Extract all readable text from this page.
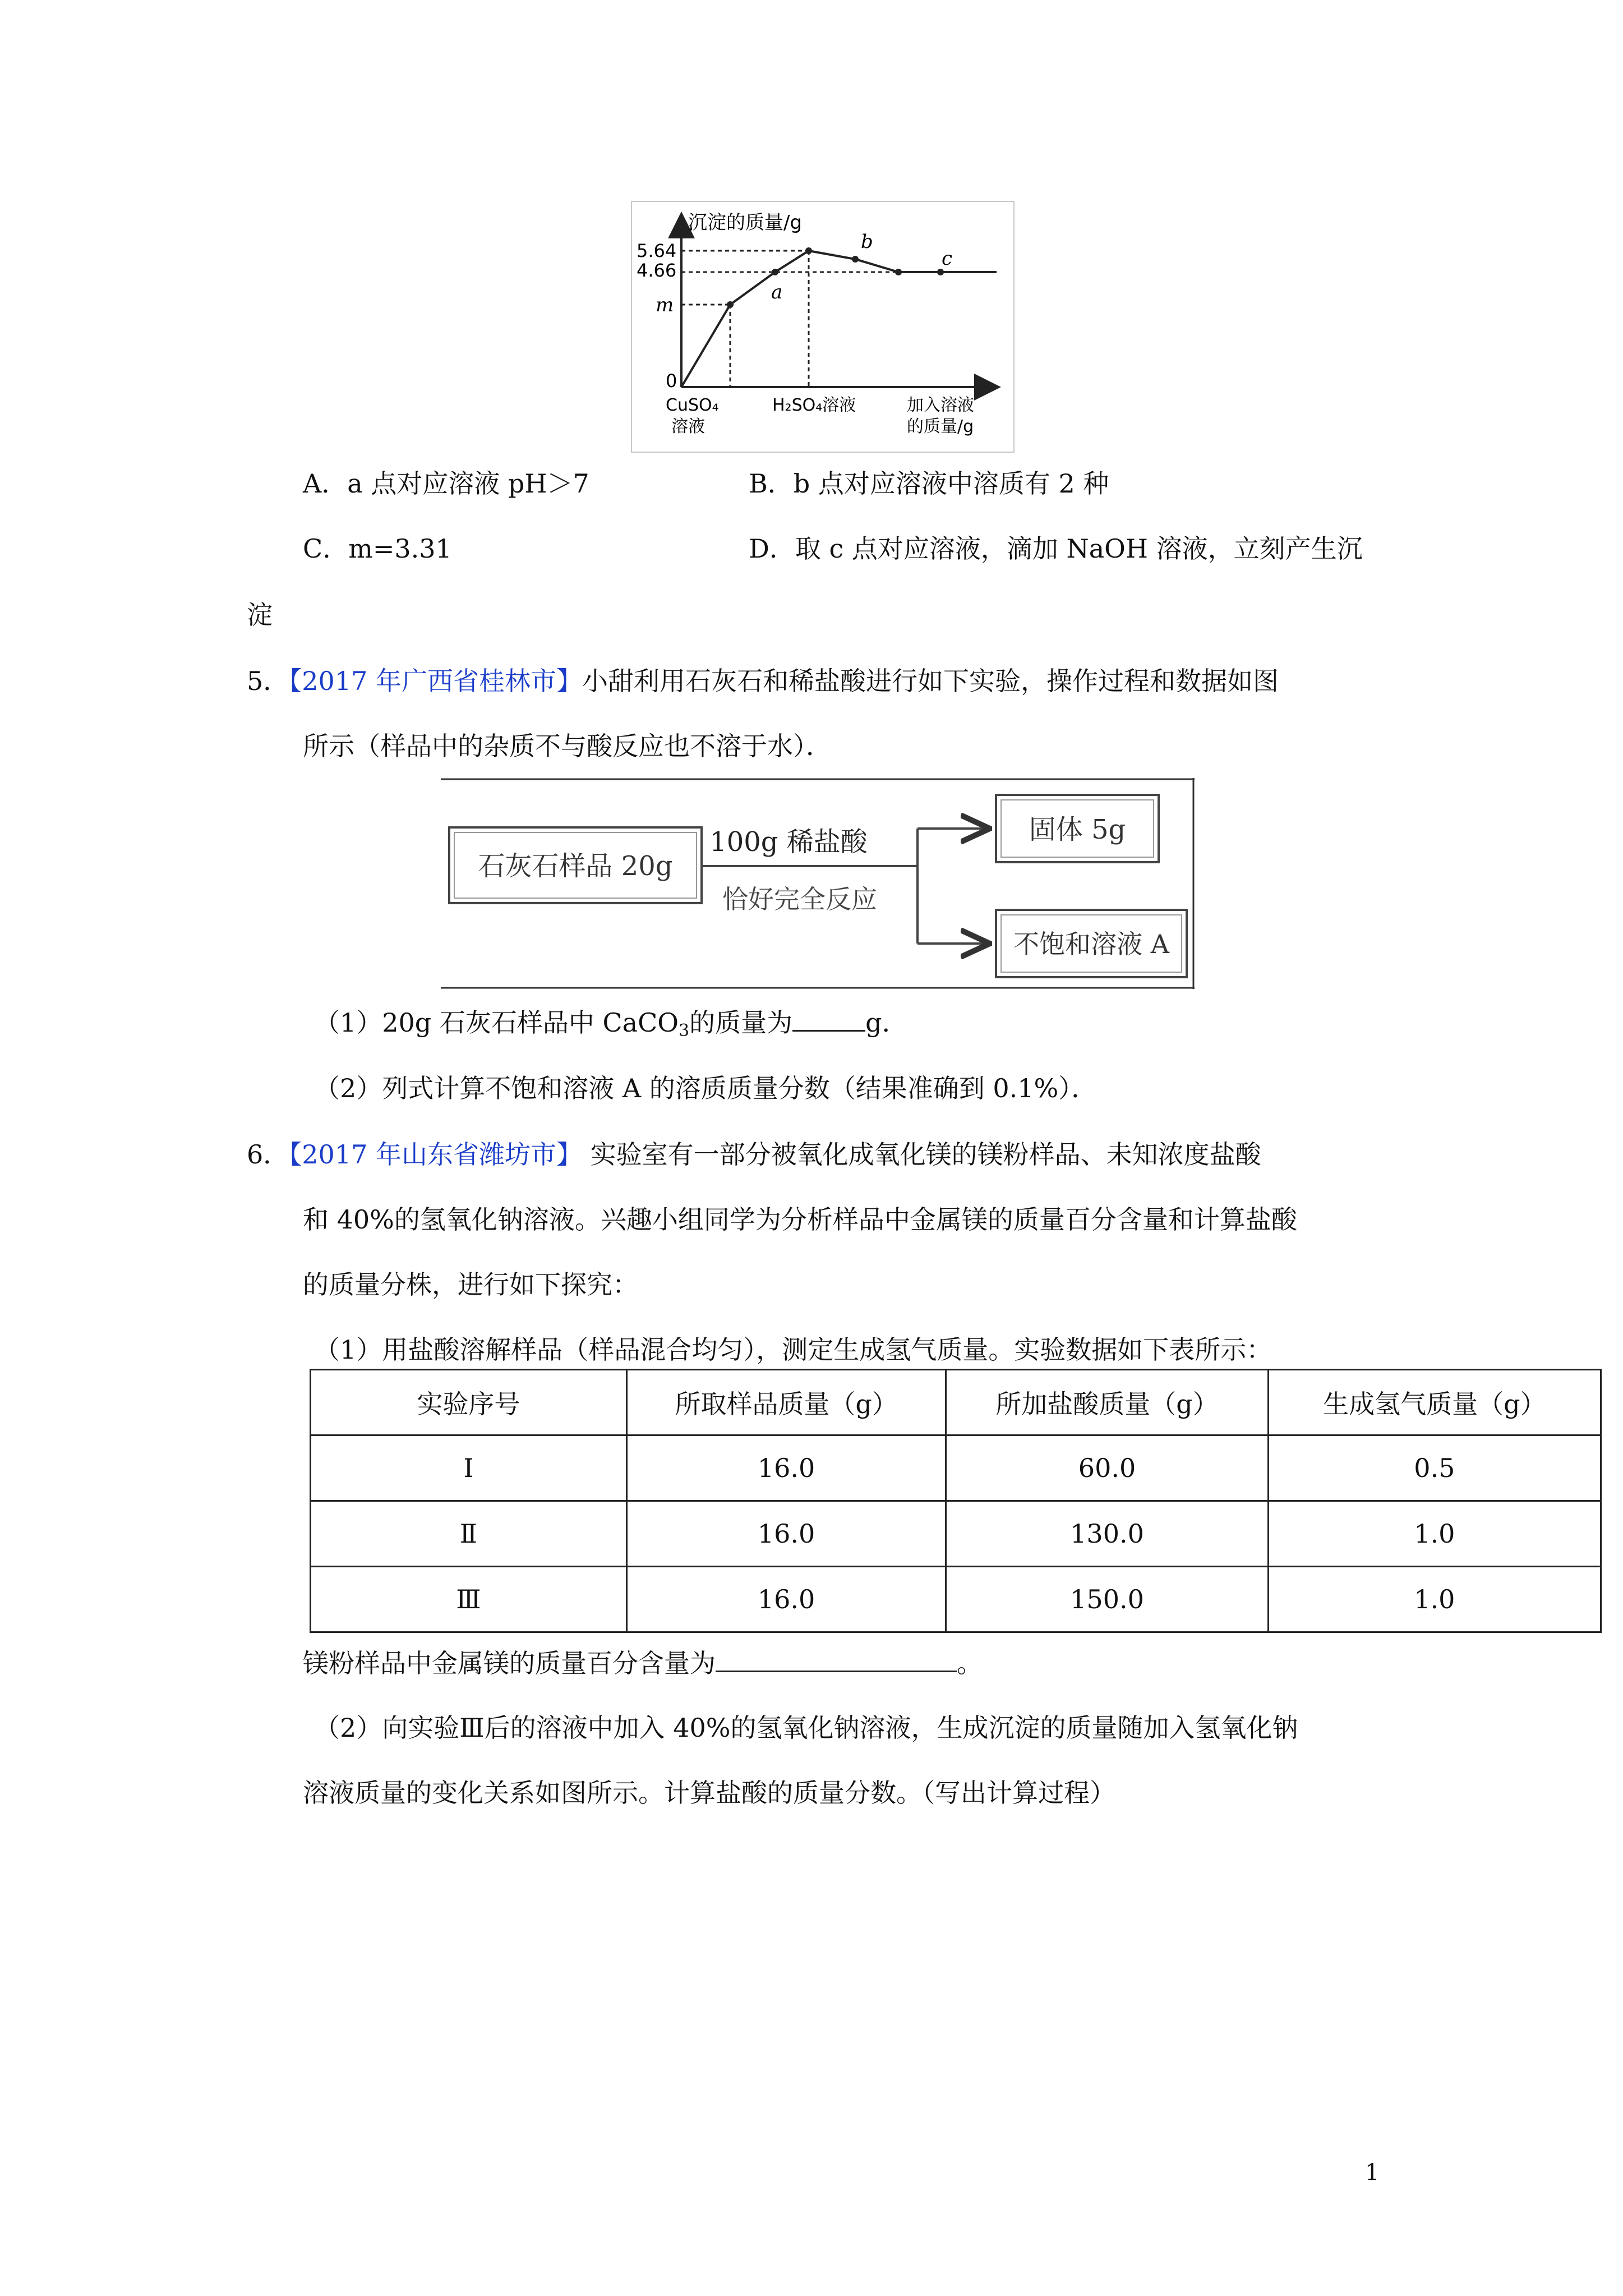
沉淀的质量/g
5.64
4.66
m
0
a
b
c
CuSO₄
溶液
H₂SO₄溶液	加入溶液
的质量/g
A．a 点对应溶液 pH＞7	B．b 点对应溶液中溶质有 2 种
C．m=3.31	D．取 c 点对应溶液，滴加 NaOH 溶液，立刻产生沉
淀
5．【2017 年广西省桂林市】小甜利用石灰石和稀盐酸进行如下实验，操作过程和数据如图
所示（样品中的杂质不与酸反应也不溶于水）．
石灰石样品 20g
100g 稀盐酸
恰好完全反应
固体 5g
不饱和溶液 A
（1）20g 石灰石样品中 CaCO$_3$的质量为	g．
（2）列式计算不饱和溶液 A 的溶质质量分数（结果准确到 0.1%）．
6．【2017 年山东省潍坊市】 实验室有一部分被氧化成氧化镁的镁粉样品、未知浓度盐酸
和 40%的氢氧化钠溶液。兴趣小组同学为分析样品中金属镁的质量百分含量和计算盐酸
的质量分株，进行如下探究：
（1）用盐酸溶解样品（样品混合均匀），测定生成氢气质量。实验数据如下表所示：
实验序号	所取样品质量（g）	所加盐酸质量（g）	生成氢气质量（g）
Ⅰ	16.0	60.0	0.5
Ⅱ	16.0	130.0	1.0
Ⅲ	16.0	150.0	1.0
镁粉样品中金属镁的质量百分含量为	。
（2）向实验Ⅲ后的溶液中加入 40%的氢氧化钠溶液，生成沉淀的质量随加入氢氧化钠
溶液质量的变化关系如图所示。计算盐酸的质量分数。（写出计算过程）
1
